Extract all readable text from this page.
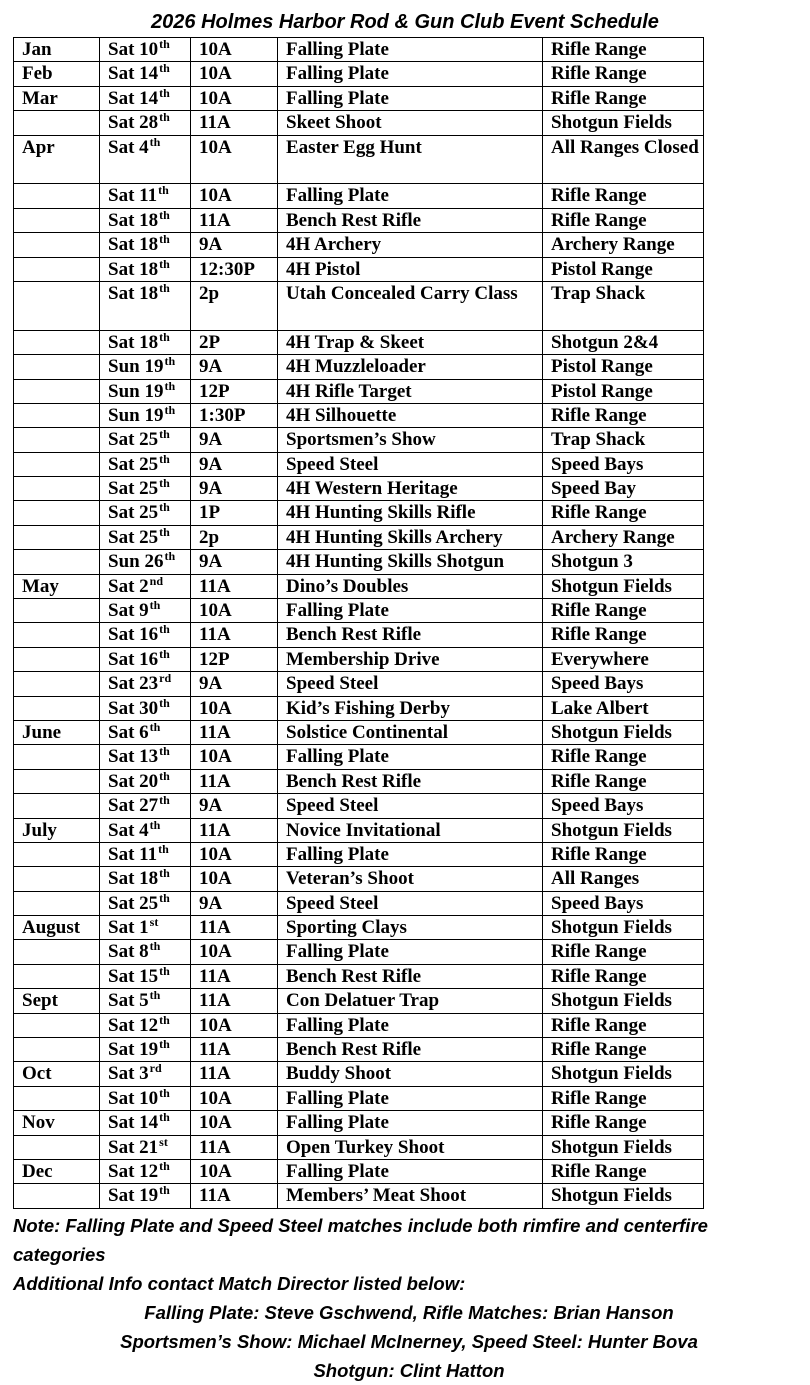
2026 Holmes Harbor Rod & Gun Club Event Schedule
Jan	Sat 10th	10A	Falling Plate	Rifle Range
Feb	Sat 14th	10A	Falling Plate	Rifle Range
Mar	Sat 14th	10A	Falling Plate	Rifle Range
	Sat 28th	11A	Skeet Shoot	Shotgun Fields
Apr	Sat 4th	10A	Easter Egg Hunt	All Ranges Closed
	Sat 11th	10A	Falling Plate	Rifle Range
	Sat 18th	11A	Bench Rest Rifle	Rifle Range
	Sat 18th	9A	4H Archery	Archery Range
	Sat 18th	12:30P	4H Pistol	Pistol Range
	Sat 18th	2p	Utah Concealed Carry Class	Trap Shack
	Sat 18th	2P	4H Trap & Skeet	Shotgun 2&4
	Sun 19th	9A	4H Muzzleloader	Pistol Range
	Sun 19th	12P	4H Rifle Target	Pistol Range
	Sun 19th	1:30P	4H Silhouette	Rifle Range
	Sat 25th	9A	Sportsmen’s Show	Trap Shack
	Sat 25th	9A	Speed Steel	Speed Bays
	Sat 25th	9A	4H Western Heritage	Speed Bay
	Sat 25th	1P	4H Hunting Skills Rifle	Rifle Range
	Sat 25th	2p	4H Hunting Skills Archery	Archery Range
	Sun 26th	9A	4H Hunting Skills Shotgun	Shotgun 3
May	Sat 2nd	11A	Dino’s Doubles	Shotgun Fields
	Sat 9th	10A	Falling Plate	Rifle Range
	Sat 16th	11A	Bench Rest Rifle	Rifle Range
	Sat 16th	12P	Membership Drive	Everywhere
	Sat 23rd	9A	Speed Steel	Speed Bays
	Sat 30th	10A	Kid’s Fishing Derby	Lake Albert
June	Sat 6th	11A	Solstice Continental	Shotgun Fields
	Sat 13th	10A	Falling Plate	Rifle Range
	Sat 20th	11A	Bench Rest Rifle	Rifle Range
	Sat 27th	9A	Speed Steel	Speed Bays
July	Sat 4th	11A	Novice Invitational	Shotgun Fields
	Sat 11th	10A	Falling Plate	Rifle Range
	Sat 18th	10A	Veteran’s Shoot	All Ranges
	Sat 25th	9A	Speed Steel	Speed Bays
August	Sat 1st	11A	Sporting Clays	Shotgun Fields
	Sat 8th	10A	Falling Plate	Rifle Range
	Sat 15th	11A	Bench Rest Rifle	Rifle Range
Sept	Sat 5th	11A	Con Delatuer Trap	Shotgun Fields
	Sat 12th	10A	Falling Plate	Rifle Range
	Sat 19th	11A	Bench Rest Rifle	Rifle Range
Oct	Sat 3rd	11A	Buddy Shoot	Shotgun Fields
	Sat 10th	10A	Falling Plate	Rifle Range
Nov	Sat 14th	10A	Falling Plate	Rifle Range
	Sat 21st	11A	Open Turkey Shoot	Shotgun Fields
Dec	Sat 12th	10A	Falling Plate	Rifle Range
	Sat 19th	11A	Members’ Meat Shoot	Shotgun Fields
Note: Falling Plate and Speed Steel matches include both rimfire and centerfire categories
Additional Info contact Match Director listed below:
Falling Plate: Steve Gschwend, Rifle Matches: Brian Hanson
Sportsmen’s Show: Michael McInerney, Speed Steel: Hunter Bova
Shotgun: Clint Hatton
